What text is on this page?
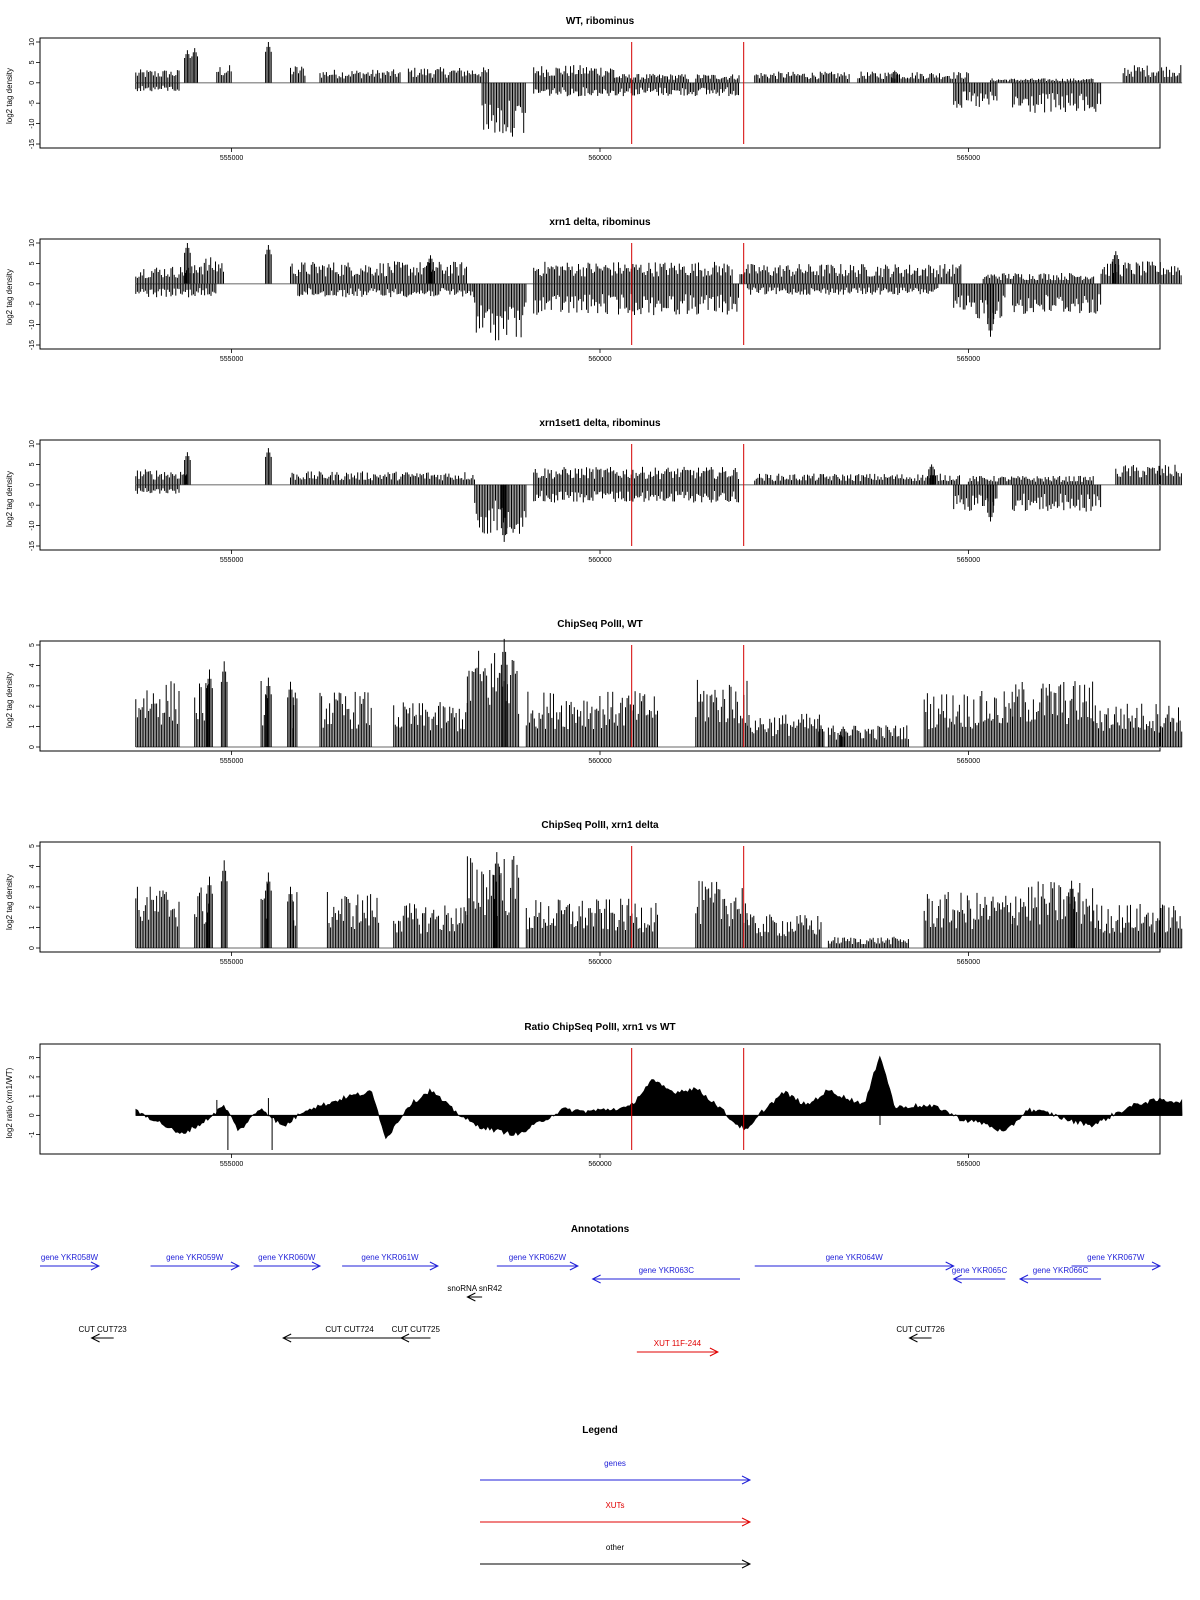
WT, ribominus
log2 tag density
10
5
0
-5
-10
-15
555000	560000	565000
xrn1 delta, ribominus
log2 tag density
10
5
0
-5
-10
-15
555000	560000	565000
xrn1set1 delta, ribominus
log2 tag density
10
5
0
-5
-10
-15
555000	560000	565000
ChipSeq PolII, WT
log2 tag density
5
4
3
2
1
0
555000	560000	565000
ChipSeq PolII, xrn1 delta
log2 tag density
5
4
3
2
1
0
555000	560000	565000
Ratio ChipSeq PolII, xrn1 vs WT
log2 ratio (xrn1/WT)
3
2
1
0
-1
555000	560000	565000
Annotations
gene YKR058W	gene YKR059W	gene YKR060W	gene YKR061W	gene YKR062W
gene YKR063C
gene YKR064W
gene YKR065C	gene YKR066C
gene YKR067W
snoRNA snR42
CUT CUT723	CUT CUT724 CUT CUT725	CUT CUT726
XUT 11F-244
Legend
genes
XUTs
other
